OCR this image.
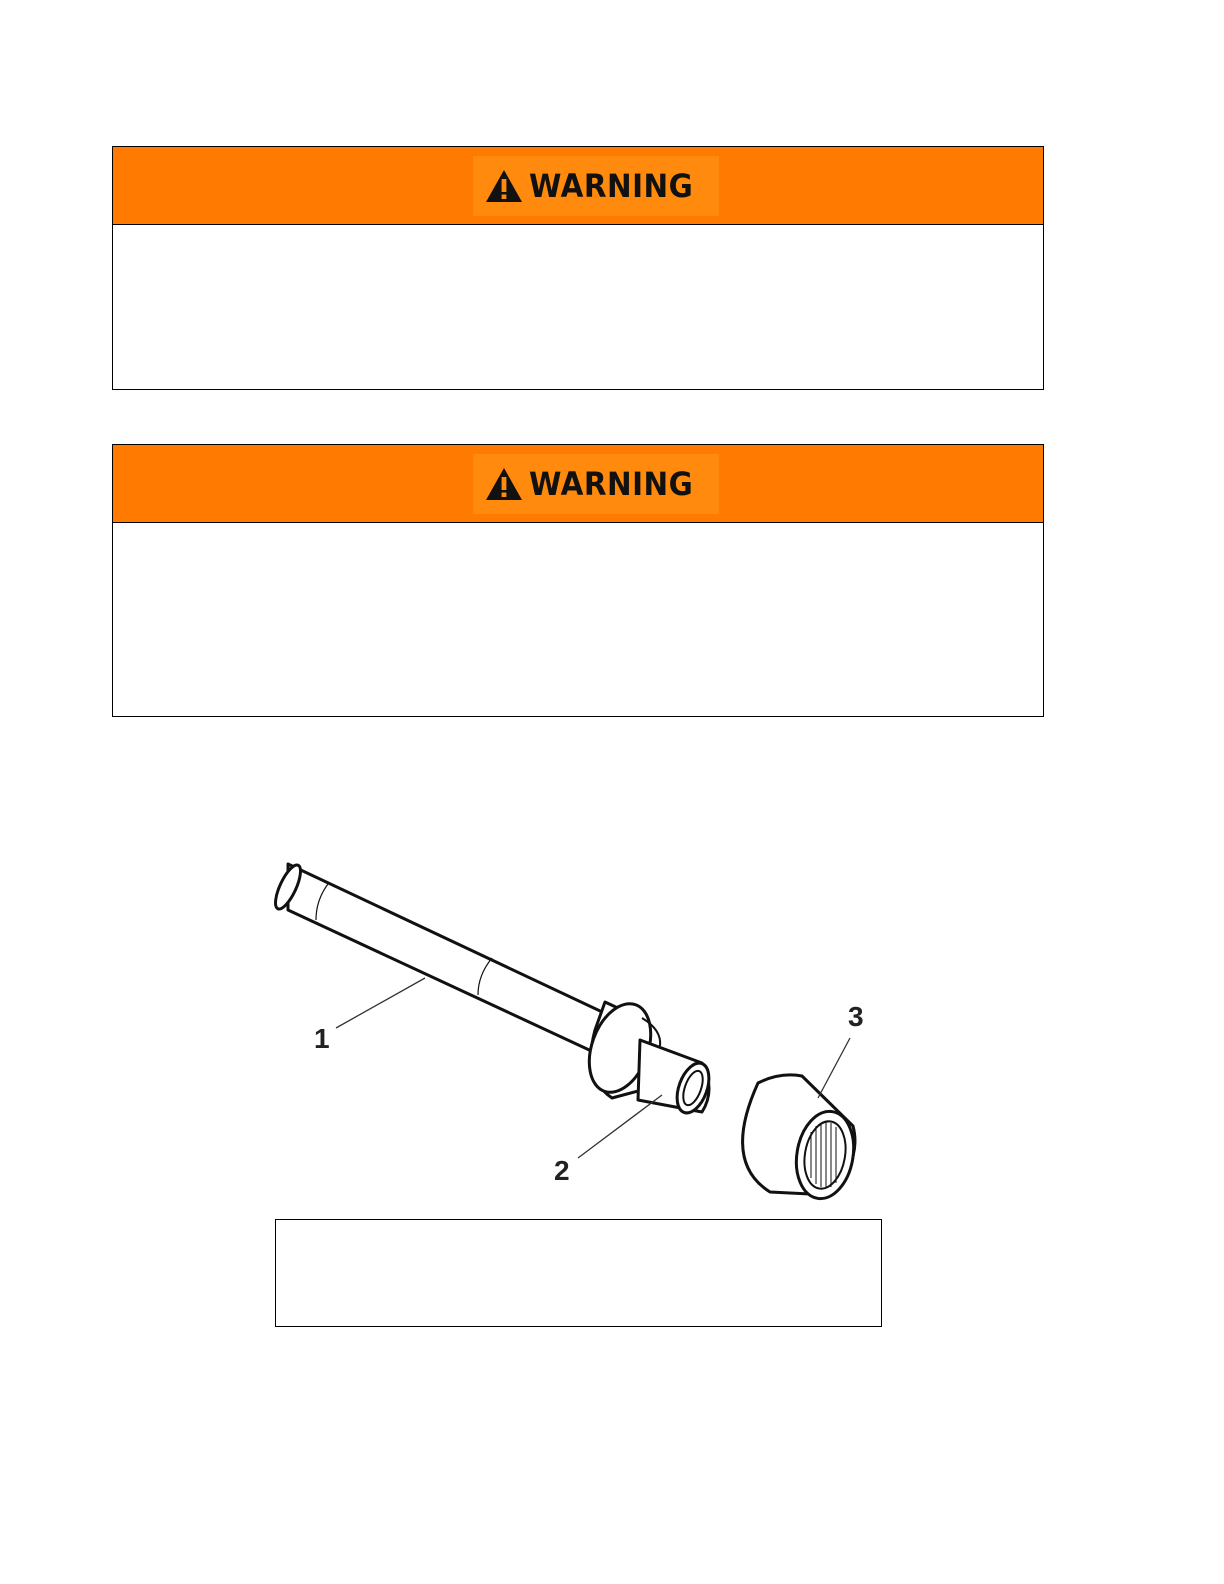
WARNING
WARNING
1
2
3
